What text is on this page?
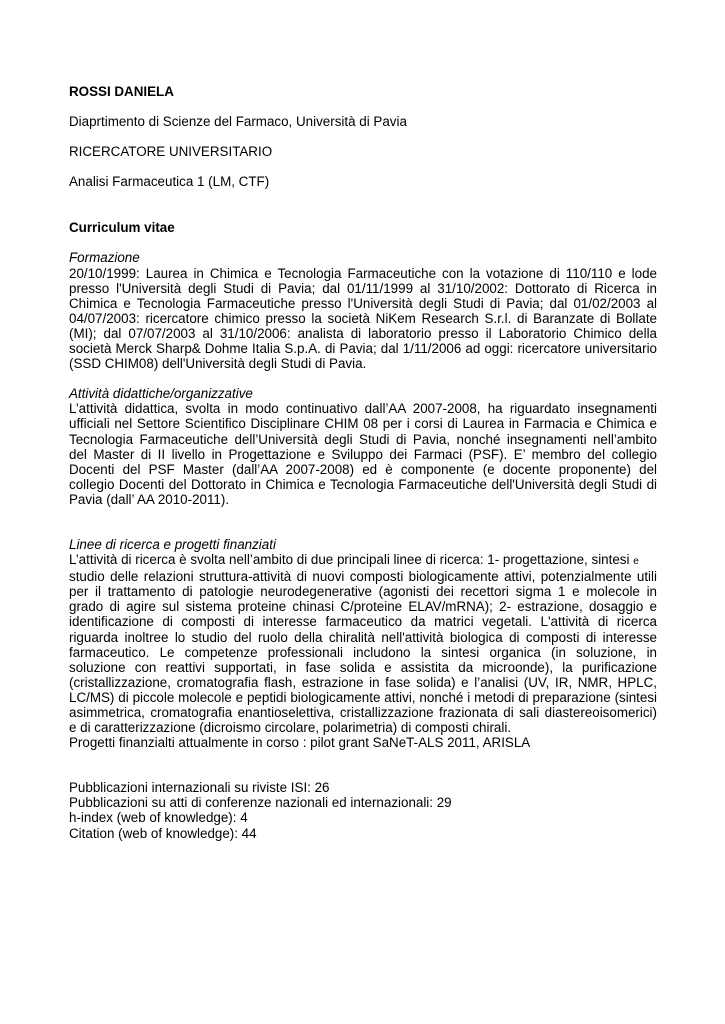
ROSSI DANIELA
Diaprtimento di Scienze del Farmaco, Università di Pavia
RICERCATORE UNIVERSITARIO
Analisi Farmaceutica 1 (LM, CTF)
Curriculum vitae
Formazione
20/10/1999: Laurea in Chimica e Tecnologia Farmaceutiche con la votazione di 110/110 e lode
presso l'Università degli Studi di Pavia; dal 01/11/1999 al 31/10/2002: Dottorato di Ricerca in
Chimica e Tecnologia Farmaceutiche presso l'Università degli Studi di Pavia; dal 01/02/2003 al
04/07/2003: ricercatore chimico presso la società NiKem Research S.r.l. di Baranzate di Bollate
(MI); dal 07/07/2003 al 31/10/2006: analista di laboratorio presso il Laboratorio Chimico della
società Merck Sharp& Dohme Italia S.p.A. di Pavia; dal 1/11/2006 ad oggi: ricercatore universitario
(SSD CHIM08) dell'Università degli Studi di Pavia.
Attività didattiche/organizzative
L’attività didattica, svolta in modo continuativo dall’AA 2007-2008, ha riguardato insegnamenti
ufficiali nel Settore Scientifico Disciplinare CHIM 08 per i corsi di Laurea in Farmacia e Chimica e
Tecnologia Farmaceutiche dell’Università degli Studi di Pavia, nonché insegnamenti nell’ambito
del Master di II livello in Progettazione e Sviluppo dei Farmaci (PSF). E’ membro del collegio
Docenti del PSF Master (dall’AA 2007-2008) ed è componente (e docente proponente) del
collegio Docenti del Dottorato in Chimica e Tecnologia Farmaceutiche dell'Università degli Studi di
Pavia (dall’ AA 2010-2011).
Linee di ricerca e progetti finanziati
L’attività di ricerca è svolta nell’ambito di due principali linee di ricerca: 1- progettazione, sintesi e
studio delle relazioni struttura-attività di nuovi composti biologicamente attivi, potenzialmente utili
per il trattamento di patologie neurodegenerative (agonisti dei recettori sigma 1 e molecole in
grado di agire sul sistema proteine chinasi C/proteine ELAV/mRNA); 2- estrazione, dosaggio e
identificazione di composti di interesse farmaceutico da matrici vegetali. L'attività di ricerca
riguarda inoltree lo studio del ruolo della chiralità nell'attività biologica di composti di interesse
farmaceutico. Le competenze professionali includono la sintesi organica (in soluzione, in
soluzione con reattivi supportati, in fase solida e assistita da microonde), la purificazione
(cristallizzazione, cromatografia flash, estrazione in fase solida) e l’analisi (UV, IR, NMR, HPLC,
LC/MS) di piccole molecole e peptidi biologicamente attivi, nonché i metodi di preparazione (sintesi
asimmetrica, cromatografia enantioselettiva, cristallizzazione frazionata di sali diastereoisomerici)
e di caratterizzazione (dicroismo circolare, polarimetria) di composti chirali.
Progetti finanzialti attualmente in corso : pilot grant SaNeT-ALS 2011, ARISLA
Pubblicazioni internazionali su riviste ISI: 26
Pubblicazioni su atti di conferenze nazionali ed internazionali: 29
h-index (web of knowledge): 4
Citation (web of knowledge): 44
